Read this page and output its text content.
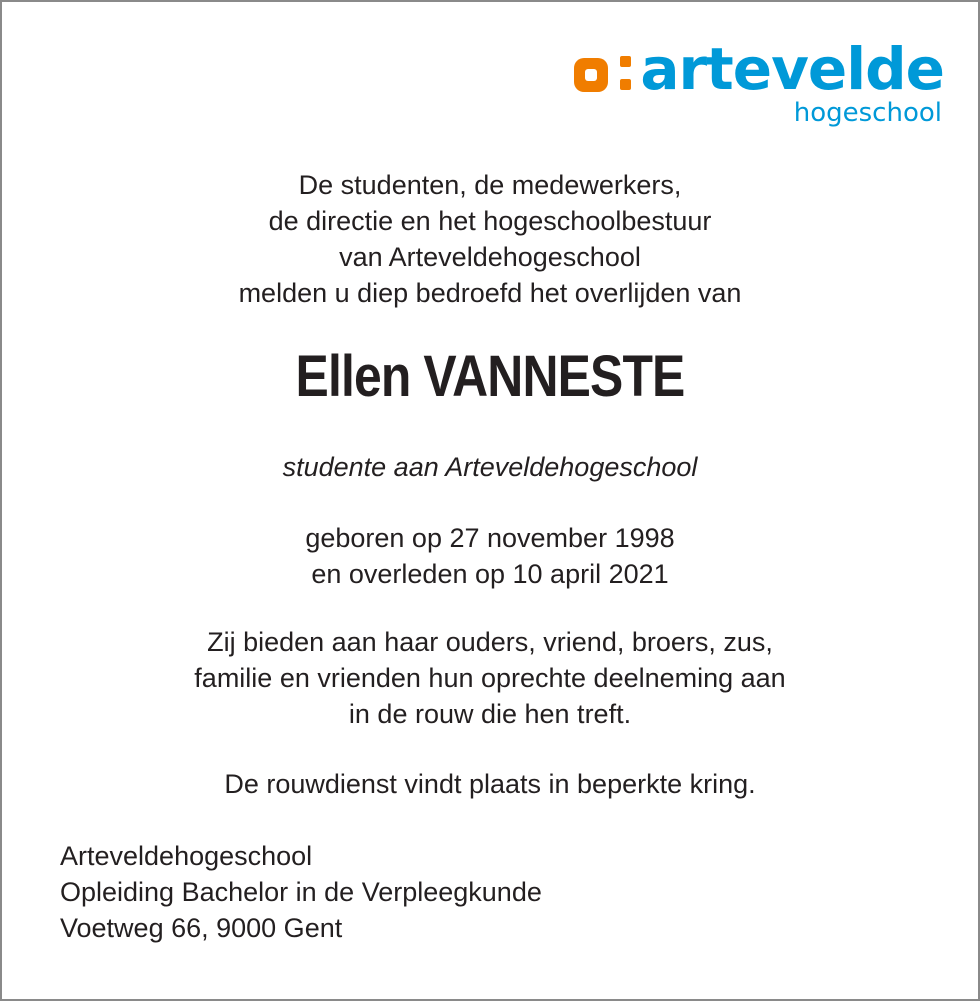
artevelde
hogeschool
De studenten, de medewerkers,
de directie en het hogeschoolbestuur
van Arteveldehogeschool
melden u diep bedroefd het overlijden van
Ellen VANNESTE
studente aan Arteveldehogeschool
geboren op 27 november 1998
en overleden op 10 april 2021
Zij bieden aan haar ouders, vriend, broers, zus,
familie en vrienden hun oprechte deelneming aan
in de rouw die hen treft.
De rouwdienst vindt plaats in beperkte kring.
Arteveldehogeschool
Opleiding Bachelor in de Verpleegkunde
Voetweg 66, 9000 Gent
